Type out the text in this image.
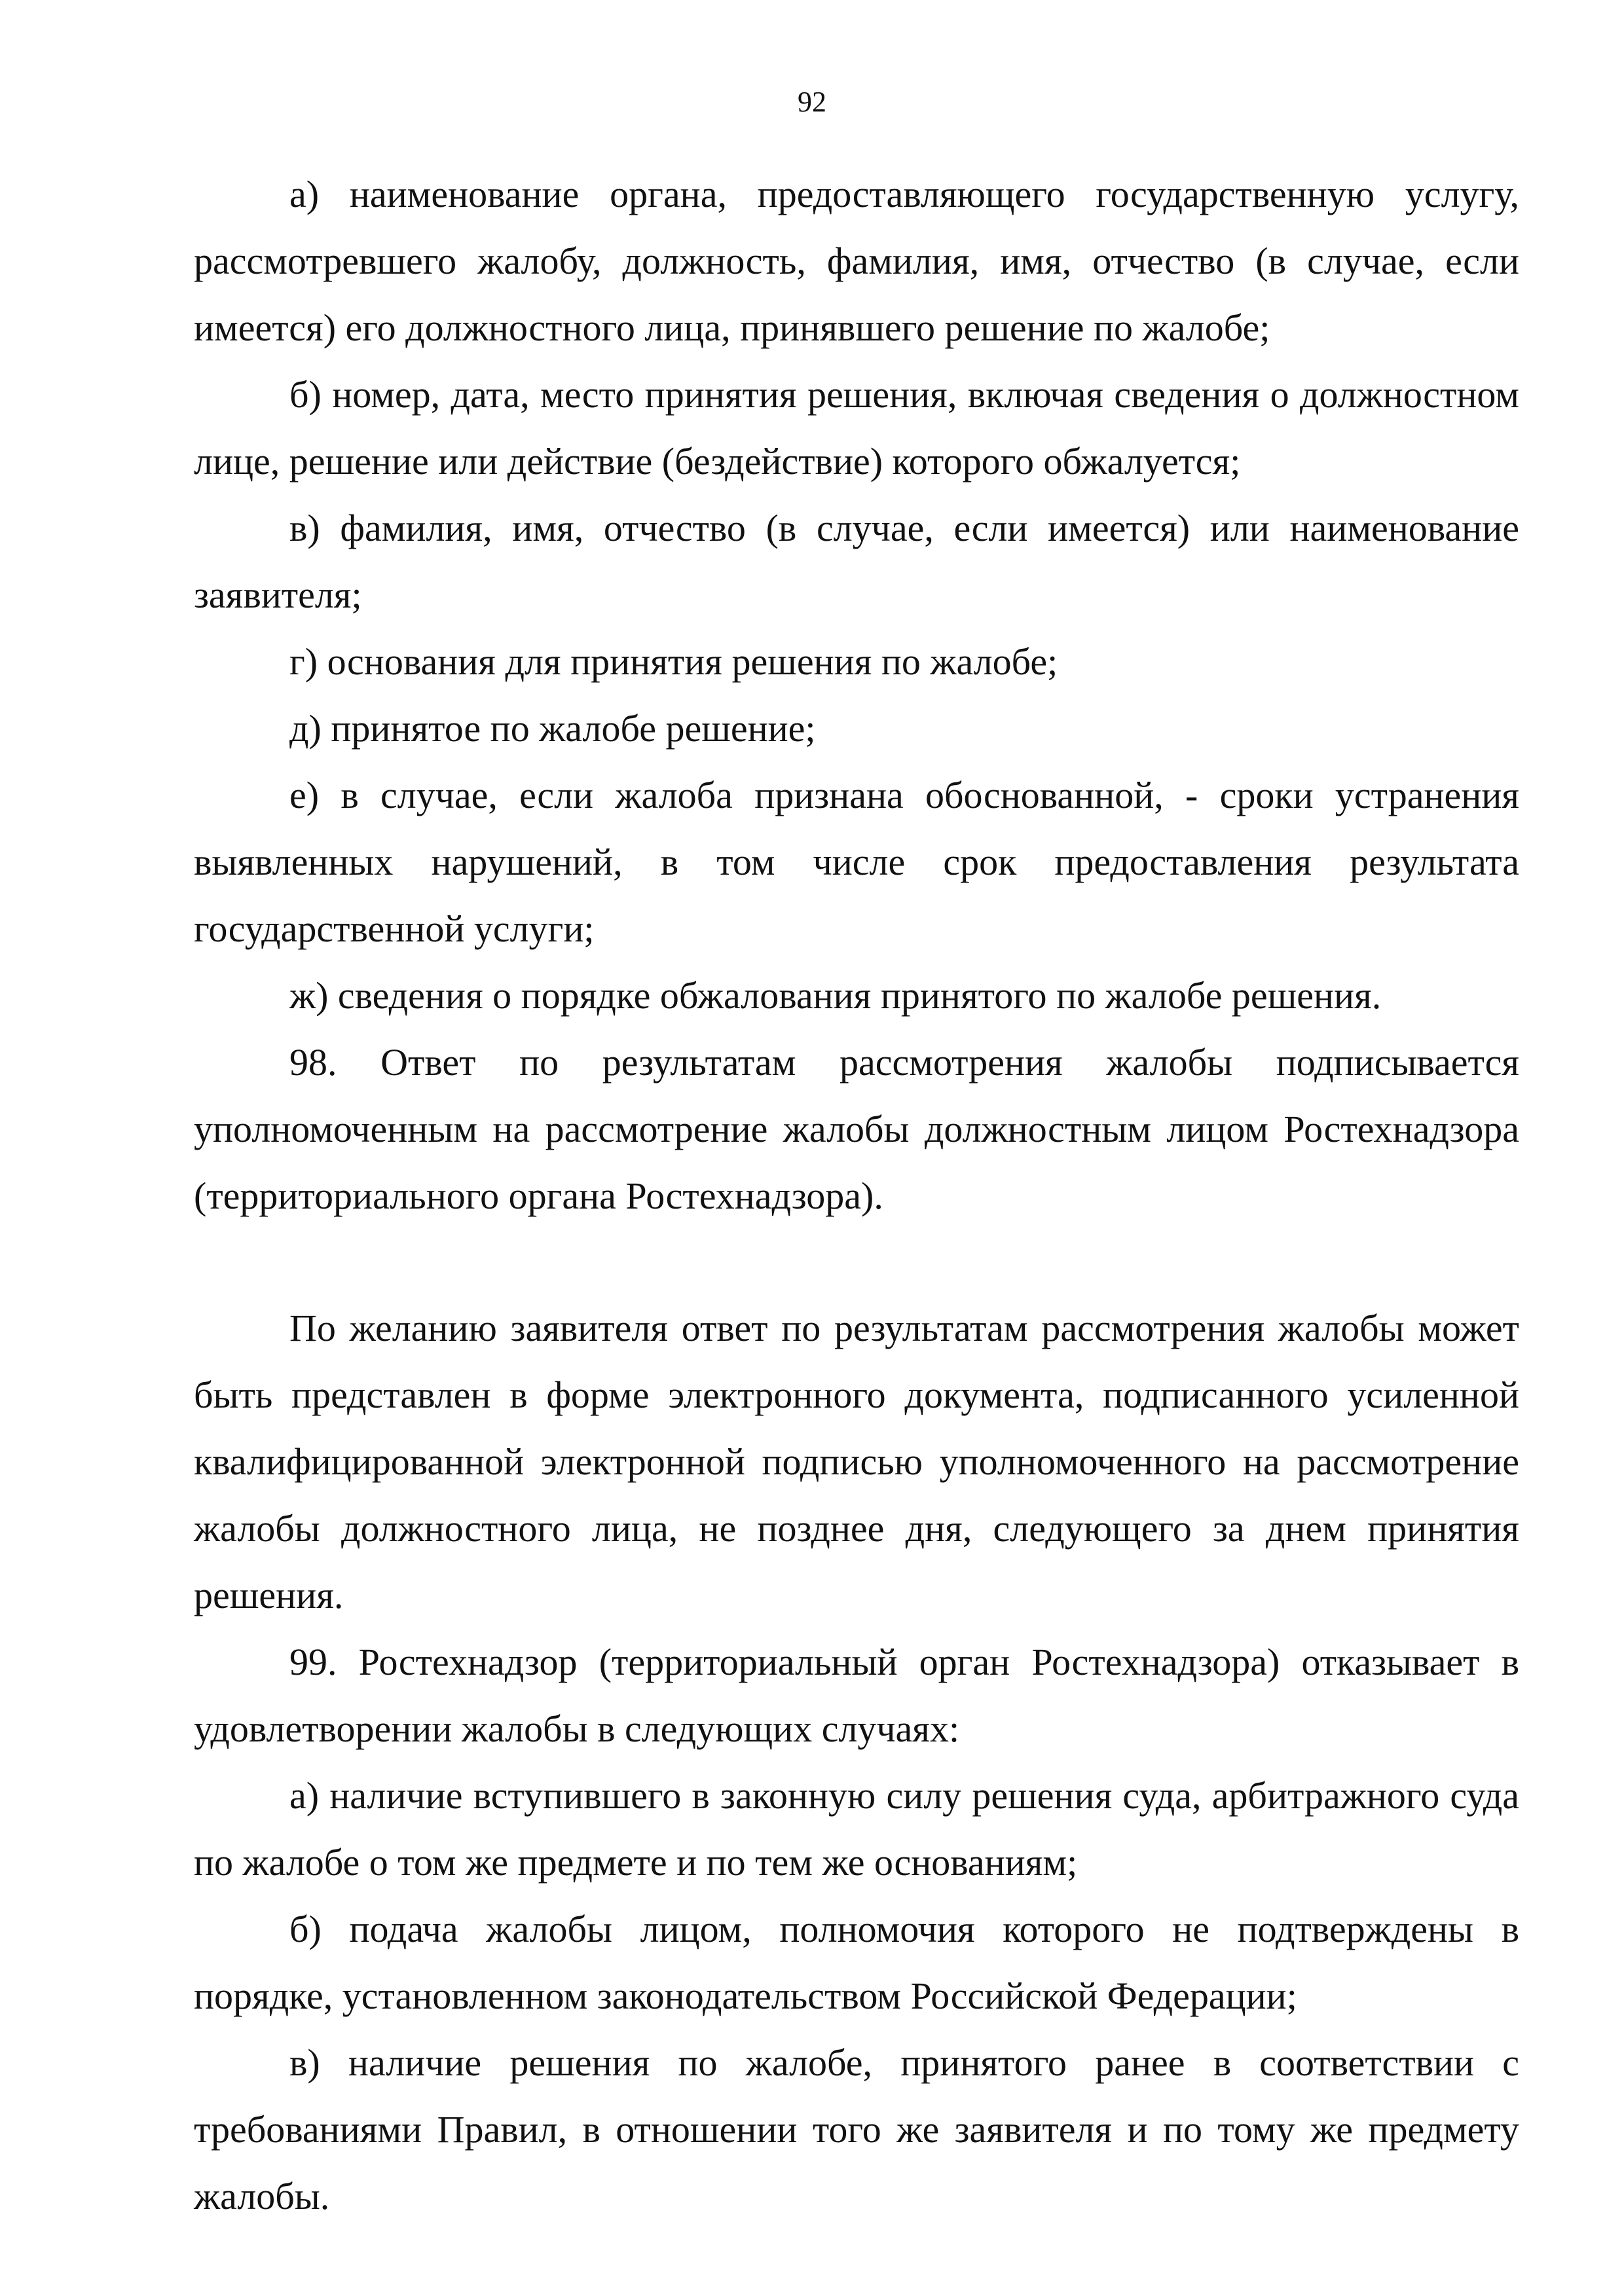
92

а) наименование органа, предоставляющего государственную услугу, рассмотревшего жалобу, должность, фамилия, имя, отчество (в случае, если имеется) его должностного лица, принявшего решение по жалобе;

б) номер, дата, место принятия решения, включая сведения о должностном лице, решение или действие (бездействие) которого обжалуется;

в) фамилия, имя, отчество (в случае, если имеется) или наименование заявителя;

г) основания для принятия решения по жалобе;

д) принятое по жалобе решение;

е) в случае, если жалоба признана обоснованной, - сроки устранения выявленных нарушений, в том числе срок предоставления результата государственной услуги;

ж) сведения о порядке обжалования принятого по жалобе решения.

98. Ответ по результатам рассмотрения жалобы подписывается уполномоченным на рассмотрение жалобы должностным лицом Ростехнадзора (территориального органа Ростехнадзора).

По желанию заявителя ответ по результатам рассмотрения жалобы может быть представлен в форме электронного документа, подписанного усиленной квалифицированной электронной подписью уполномоченного на рассмотрение жалобы должностного лица, не позднее дня, следующего за днем принятия решения.

99. Ростехнадзор (территориальный орган Ростехнадзора) отказывает в удовлетворении жалобы в следующих случаях:

а) наличие вступившего в законную силу решения суда, арбитражного суда по жалобе о том же предмете и по тем же основаниям;

б) подача жалобы лицом, полномочия которого не подтверждены в порядке, установленном законодательством Российской Федерации;

в) наличие решения по жалобе, принятого ранее в соответствии с требованиями Правил, в отношении того же заявителя и по тому же предмету жалобы.
